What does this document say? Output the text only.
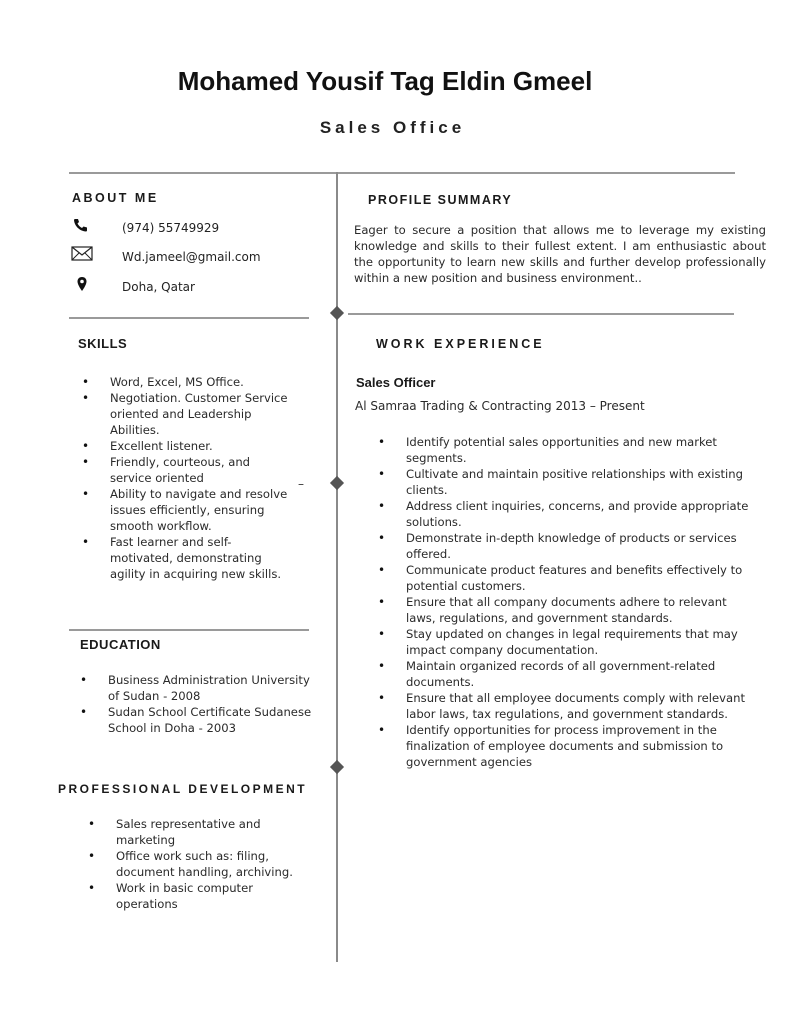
Mohamed Yousif Tag Eldin Gmeel
Sales Office
ABOUT ME
(974) 55749929
Wd.jameel@gmail.com
Doha, Qatar
PROFILE SUMMARY
Eager to secure a position that allows me to leverage my existing knowledge and skills to their fullest extent. I am enthusiastic about the opportunity to learn new skills and further develop professionally within a new position and business environment..
SKILLS
• Word, Excel, MS Office.
• Negotiation. Customer Service oriented and Leadership Abilities.
• Excellent listener.
• Friendly, courteous, and service oriented
• Ability to navigate and resolve issues efficiently, ensuring smooth workflow.
• Fast learner and self-motivated, demonstrating agility in acquiring new skills.
–
EDUCATION
• Business Administration University of Sudan - 2008
• Sudan School Certificate Sudanese School in Doha - 2003
PROFESSIONAL DEVELOPMENT
• Sales representative and marketing
• Office work such as: filing, document handling, archiving.
• Work in basic computer operations
WORK EXPERIENCE
Sales Officer
Al Samraa Trading & Contracting 2013 – Present
• Identify potential sales opportunities and new market segments.
• Cultivate and maintain positive relationships with existing clients.
• Address client inquiries, concerns, and provide appropriate solutions.
• Demonstrate in-depth knowledge of products or services offered.
• Communicate product features and benefits effectively to potential customers.
• Ensure that all company documents adhere to relevant laws, regulations, and government standards.
• Stay updated on changes in legal requirements that may impact company documentation.
• Maintain organized records of all government-related documents.
• Ensure that all employee documents comply with relevant labor laws, tax regulations, and government standards.
• Identify opportunities for process improvement in the finalization of employee documents and submission to government agencies
